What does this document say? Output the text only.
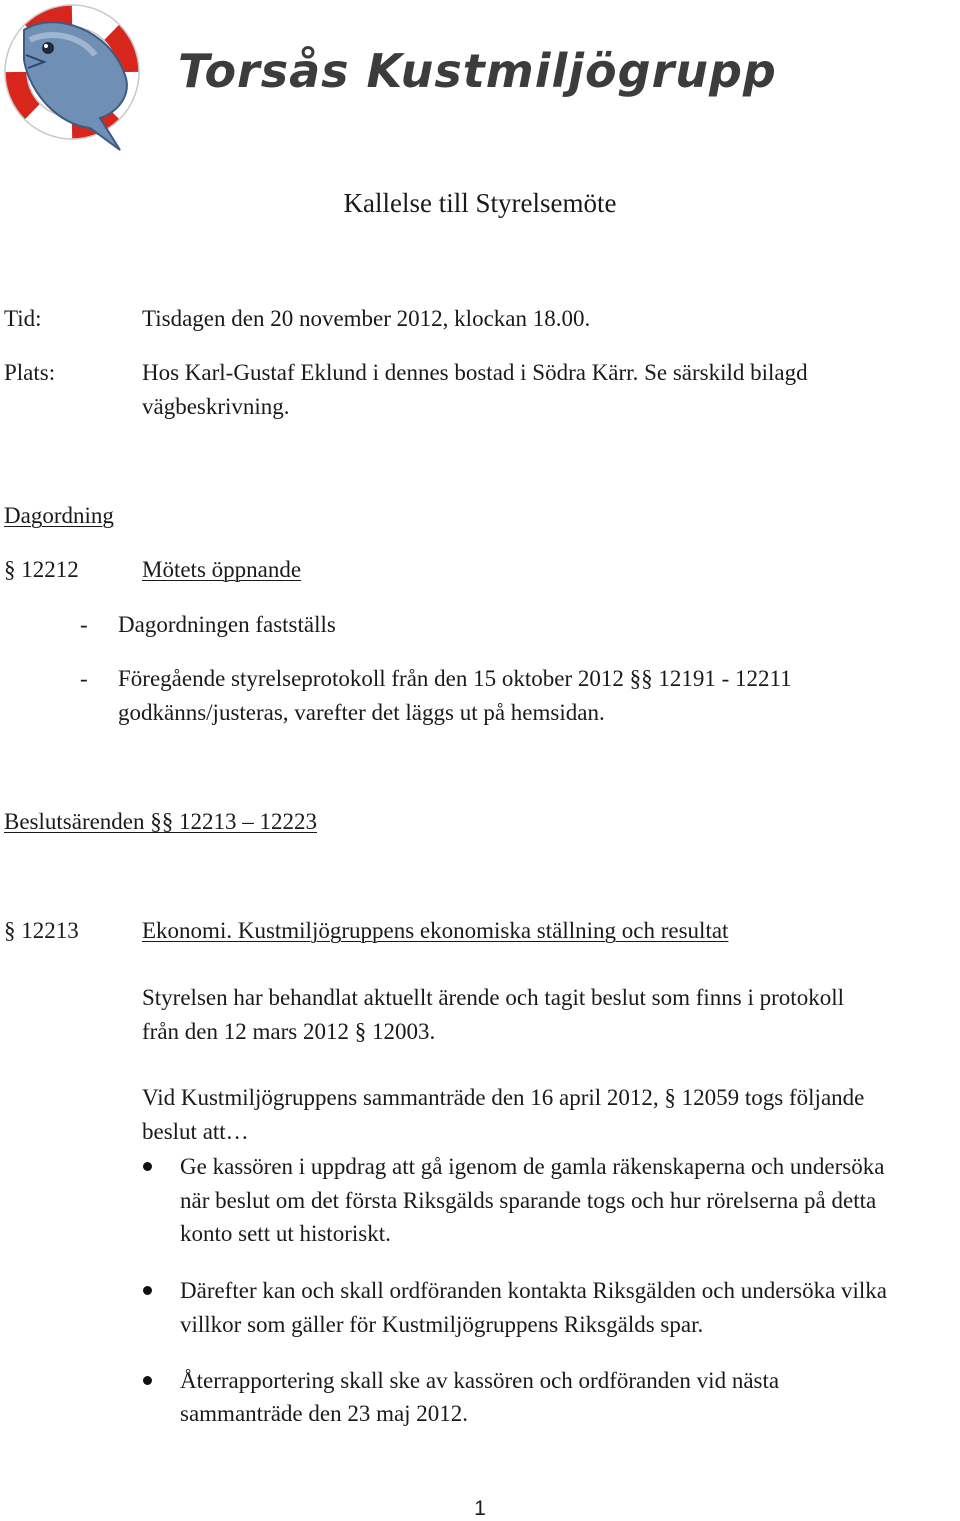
Torsås Kustmiljögrupp
Kallelse till Styrelsemöte
Tid:	Tisdagen den 20 november 2012, klockan 18.00.
Plats:	Hos Karl-Gustaf Eklund i dennes bostad i Södra Kärr. Se särskild bilagd
vägbeskrivning.
Dagordning
§ 12212	Mötets öppnande
- Dagordningen fastställs
- Föregående styrelseprotokoll från den 15 oktober 2012 §§ 12191 - 12211
godkänns/justeras, varefter det läggs ut på hemsidan.
Beslutsärenden §§ 12213 – 12223
§ 12213	Ekonomi. Kustmiljögruppens ekonomiska ställning och resultat
Styrelsen har behandlat aktuellt ärende och tagit beslut som finns i protokoll
från den 12 mars 2012 § 12003.
Vid Kustmiljögruppens sammanträde den 16 april 2012, § 12059 togs följande
beslut att…
Ge kassören i uppdrag att gå igenom de gamla räkenskaperna och undersöka
när beslut om det första Riksgälds sparande togs och hur rörelserna på detta
konto sett ut historiskt.
Därefter kan och skall ordföranden kontakta Riksgälden och undersöka vilka
villkor som gäller för Kustmiljögruppens Riksgälds spar.
Återrapportering skall ske av kassören och ordföranden vid nästa
sammanträde den 23 maj 2012.
1
